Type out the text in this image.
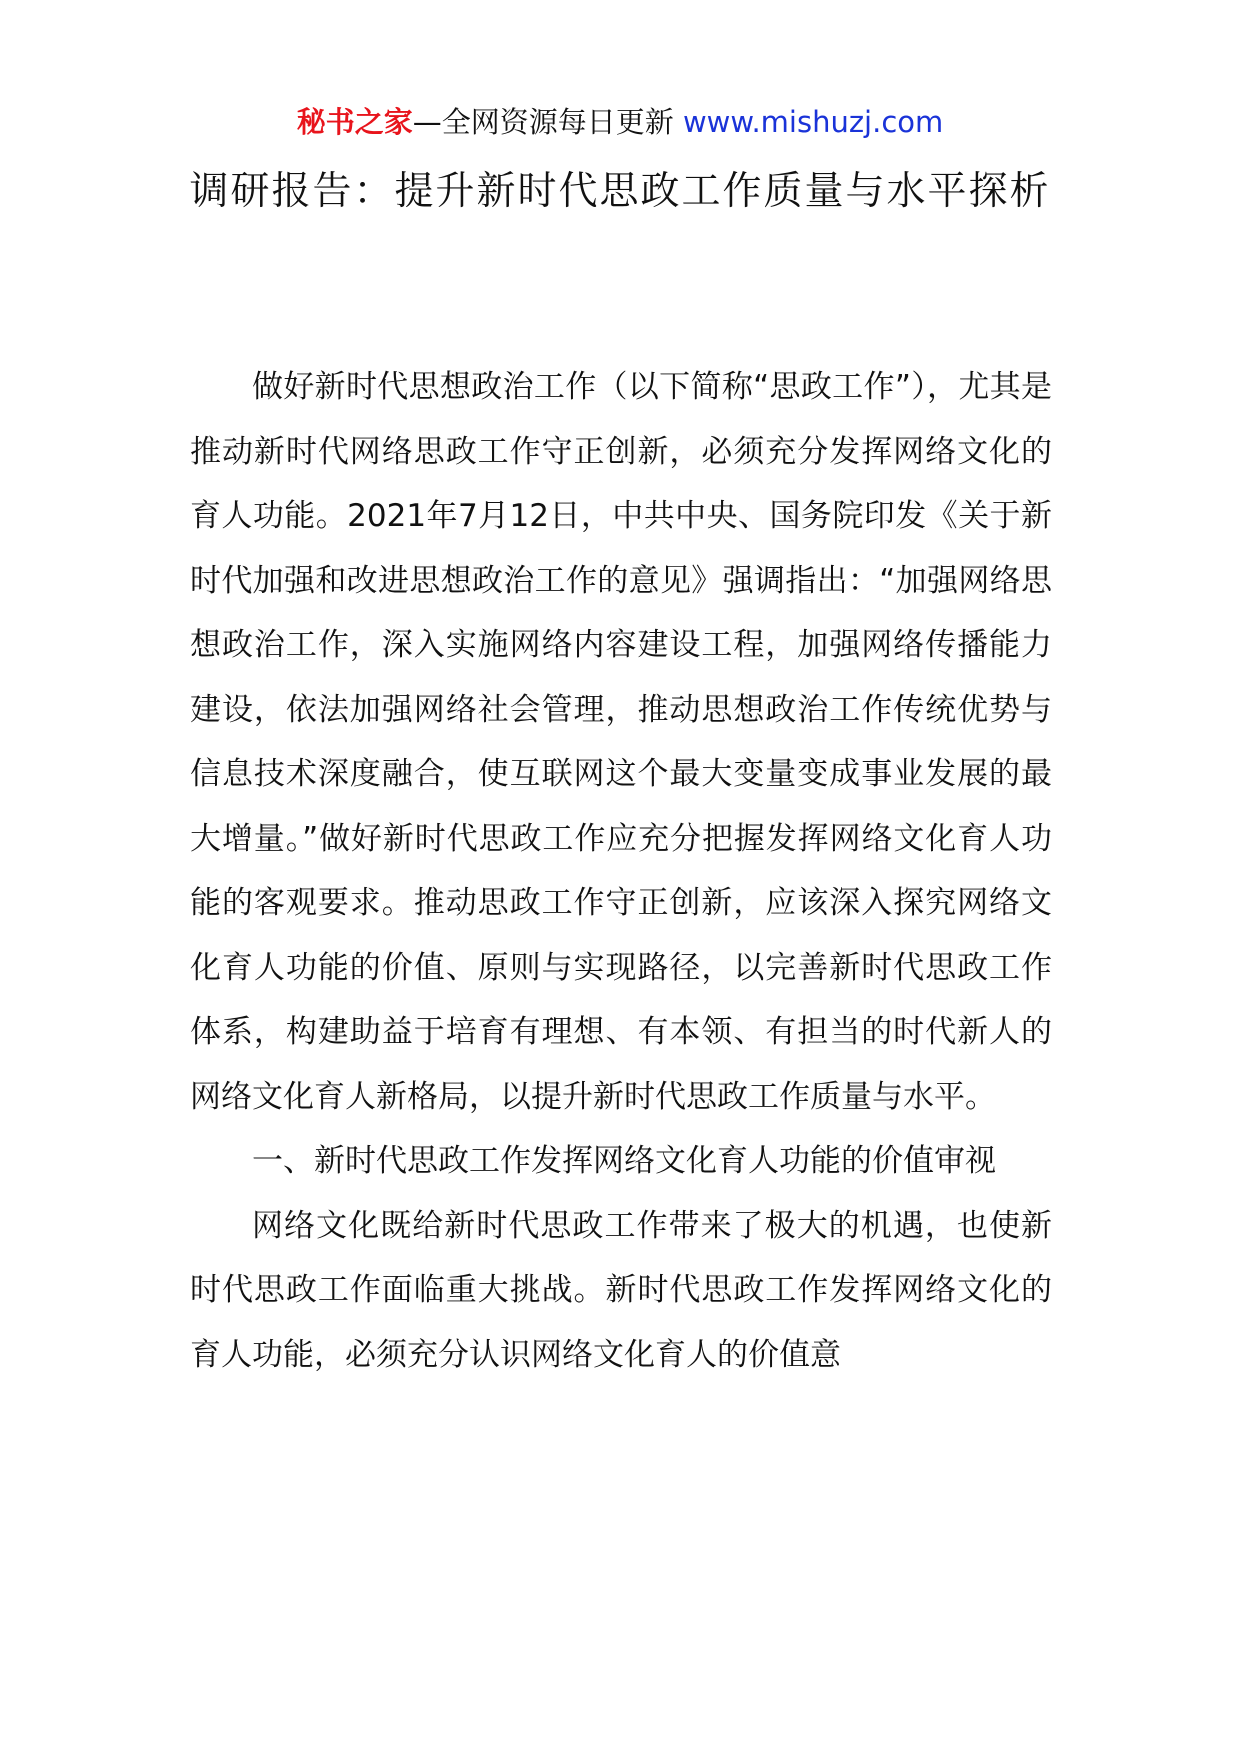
秘书之家—全网资源每日更新 www.mishuzj.com
调研报告：提升新时代思政工作质量与水平探析

做好新时代思想政治工作（以下简称“思政工作”），尤其是推动新时代网络思政工作守正创新，必须充分发挥网络文化的育人功能。2021年7月12日，中共中央、国务院印发《关于新时代加强和改进思想政治工作的意见》强调指出：“加强网络思想政治工作，深入实施网络内容建设工程，加强网络传播能力建设，依法加强网络社会管理，推动思想政治工作传统优势与信息技术深度融合，使互联网这个最大变量变成事业发展的最大增量。”做好新时代思政工作应充分把握发挥网络文化育人功能的客观要求。推动思政工作守正创新，应该深入探究网络文化育人功能的价值、原则与实现路径，以完善新时代思政工作体系，构建助益于培育有理想、有本领、有担当的时代新人的网络文化育人新格局，以提升新时代思政工作质量与水平。

一、新时代思政工作发挥网络文化育人功能的价值审视

网络文化既给新时代思政工作带来了极大的机遇，也使新时代思政工作面临重大挑战。新时代思政工作发挥网络文化的育人功能，必须充分认识网络文化育人的价值意
